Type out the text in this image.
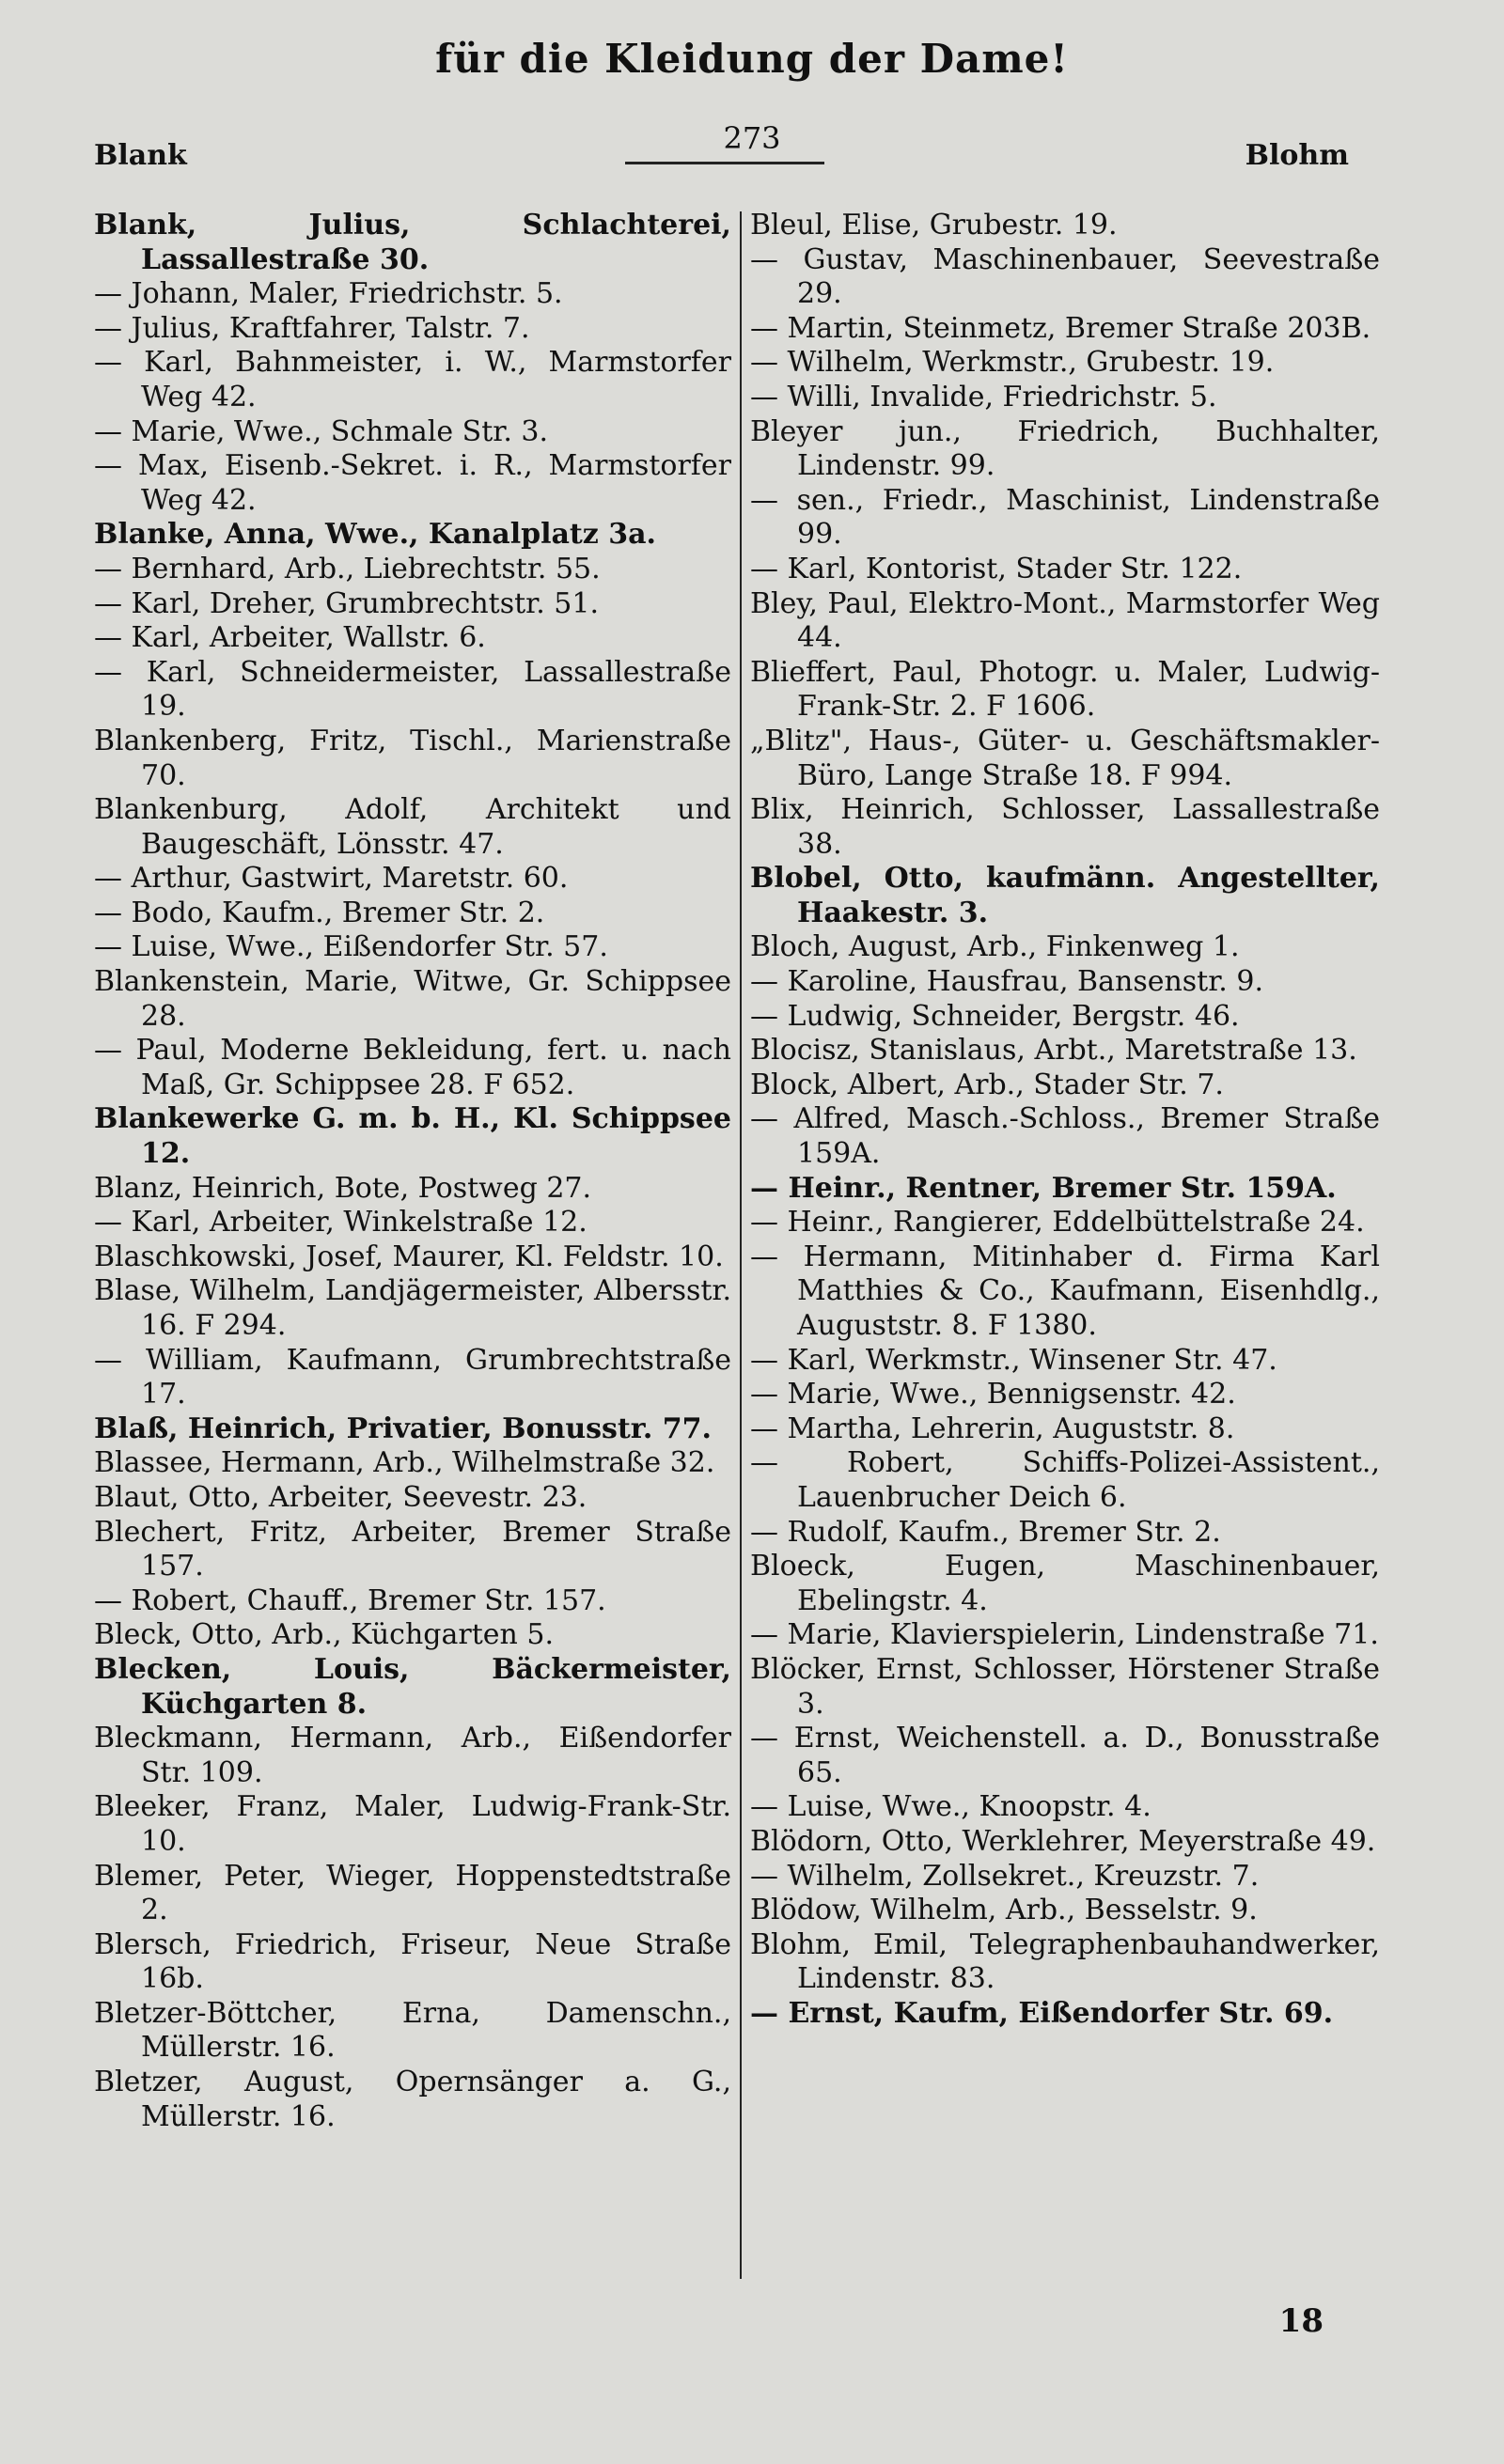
für die Kleidung der Dame!
273
Blank	Blohm
Blank, Julius, Schlachterei, Lassallestraße 30.
— Johann, Maler, Friedrichstr. 5.
— Julius, Kraftfahrer, Talstr. 7.
— Karl, Bahnmeister, i. W., Marmstorfer Weg 42.
— Marie, Wwe., Schmale Str. 3.
— Max, Eisenb.-Sekret. i. R., Marmstorfer Weg 42.
Blanke, Anna, Wwe., Kanalplatz 3a.
— Bernhard, Arb., Liebrechtstr. 55.
— Karl, Dreher, Grumbrechtstr. 51.
— Karl, Arbeiter, Wallstr. 6.
— Karl, Schneidermeister, Lassallestraße 19.
Blankenberg, Fritz, Tischl., Marienstraße 70.
Blankenburg, Adolf, Architekt und Baugeschäft, Lönsstr. 47.
— Arthur, Gastwirt, Maretstr. 60.
— Bodo, Kaufm., Bremer Str. 2.
— Luise, Wwe., Eißendorfer Str. 57.
Blankenstein, Marie, Witwe, Gr. Schippsee 28.
— Paul, Moderne Bekleidung, fert. u. nach Maß, Gr. Schippsee 28. F 652.
Blankewerke G. m. b. H., Kl. Schippsee 12.
Blanz, Heinrich, Bote, Postweg 27.
— Karl, Arbeiter, Winkelstraße 12.
Blaschkowski, Josef, Maurer, Kl. Feldstr. 10.
Blase, Wilhelm, Landjägermeister, Albersstr. 16. F 294.
— William, Kaufmann, Grumbrechtstraße 17.
Blaß, Heinrich, Privatier, Bonusstr. 77.
Blassee, Hermann, Arb., Wilhelmstraße 32.
Blaut, Otto, Arbeiter, Seevestr. 23.
Blechert, Fritz, Arbeiter, Bremer Straße 157.
— Robert, Chauff., Bremer Str. 157.
Bleck, Otto, Arb., Küchgarten 5.
Blecken, Louis, Bäckermeister, Küchgarten 8.
Bleckmann, Hermann, Arb., Eißendorfer Str. 109.
Bleeker, Franz, Maler, Ludwig-Frank-Str. 10.
Blemer, Peter, Wieger, Hoppenstedtstraße 2.
Blersch, Friedrich, Friseur, Neue Straße 16b.
Bletzer-Böttcher, Erna, Damenschn., Müllerstr. 16.
Bletzer, August, Opernsänger a. G., Müllerstr. 16.
Bleul, Elise, Grubestr. 19.
— Gustav, Maschinenbauer, Seevestraße 29.
— Martin, Steinmetz, Bremer Straße 203B.
— Wilhelm, Werkmstr., Grubestr. 19.
— Willi, Invalide, Friedrichstr. 5.
Bleyer jun., Friedrich, Buchhalter, Lindenstr. 99.
— sen., Friedr., Maschinist, Lindenstraße 99.
— Karl, Kontorist, Stader Str. 122.
Bley, Paul, Elektro-Mont., Marmstorfer Weg 44.
Blieffert, Paul, Photogr. u. Maler, Ludwig-Frank-Str. 2. F 1606.
„Blitz", Haus-, Güter- u. Geschäftsmakler-Büro, Lange Straße 18. F 994.
Blix, Heinrich, Schlosser, Lassallestraße 38.
Blobel, Otto, kaufmänn. Angestellter, Haakestr. 3.
Bloch, August, Arb., Finkenweg 1.
— Karoline, Hausfrau, Bansenstr. 9.
— Ludwig, Schneider, Bergstr. 46.
Blocisz, Stanislaus, Arbt., Maretstraße 13.
Block, Albert, Arb., Stader Str. 7.
— Alfred, Masch.-Schloss., Bremer Straße 159A.
— Heinr., Rentner, Bremer Str. 159A.
— Heinr., Rangierer, Eddelbüttelstraße 24.
— Hermann, Mitinhaber d. Firma Karl Matthies & Co., Kaufmann, Eisenhdlg., Auguststr. 8. F 1380.
— Karl, Werkmstr., Winsener Str. 47.
— Marie, Wwe., Bennigsenstr. 42.
— Martha, Lehrerin, Auguststr. 8.
— Robert, Schiffs-Polizei-Assistent., Lauenbrucher Deich 6.
— Rudolf, Kaufm., Bremer Str. 2.
Bloeck, Eugen, Maschinenbauer, Ebelingstr. 4.
— Marie, Klavierspielerin, Lindenstraße 71.
Blöcker, Ernst, Schlosser, Hörstener Straße 3.
— Ernst, Weichenstell. a. D., Bonusstraße 65.
— Luise, Wwe., Knoopstr. 4.
Blödorn, Otto, Werklehrer, Meyerstraße 49.
— Wilhelm, Zollsekret., Kreuzstr. 7.
Blödow, Wilhelm, Arb., Besselstr. 9.
Blohm, Emil, Telegraphenbauhandwerker, Lindenstr. 83.
— Ernst, Kaufm, Eißendorfer Str. 69.
18
